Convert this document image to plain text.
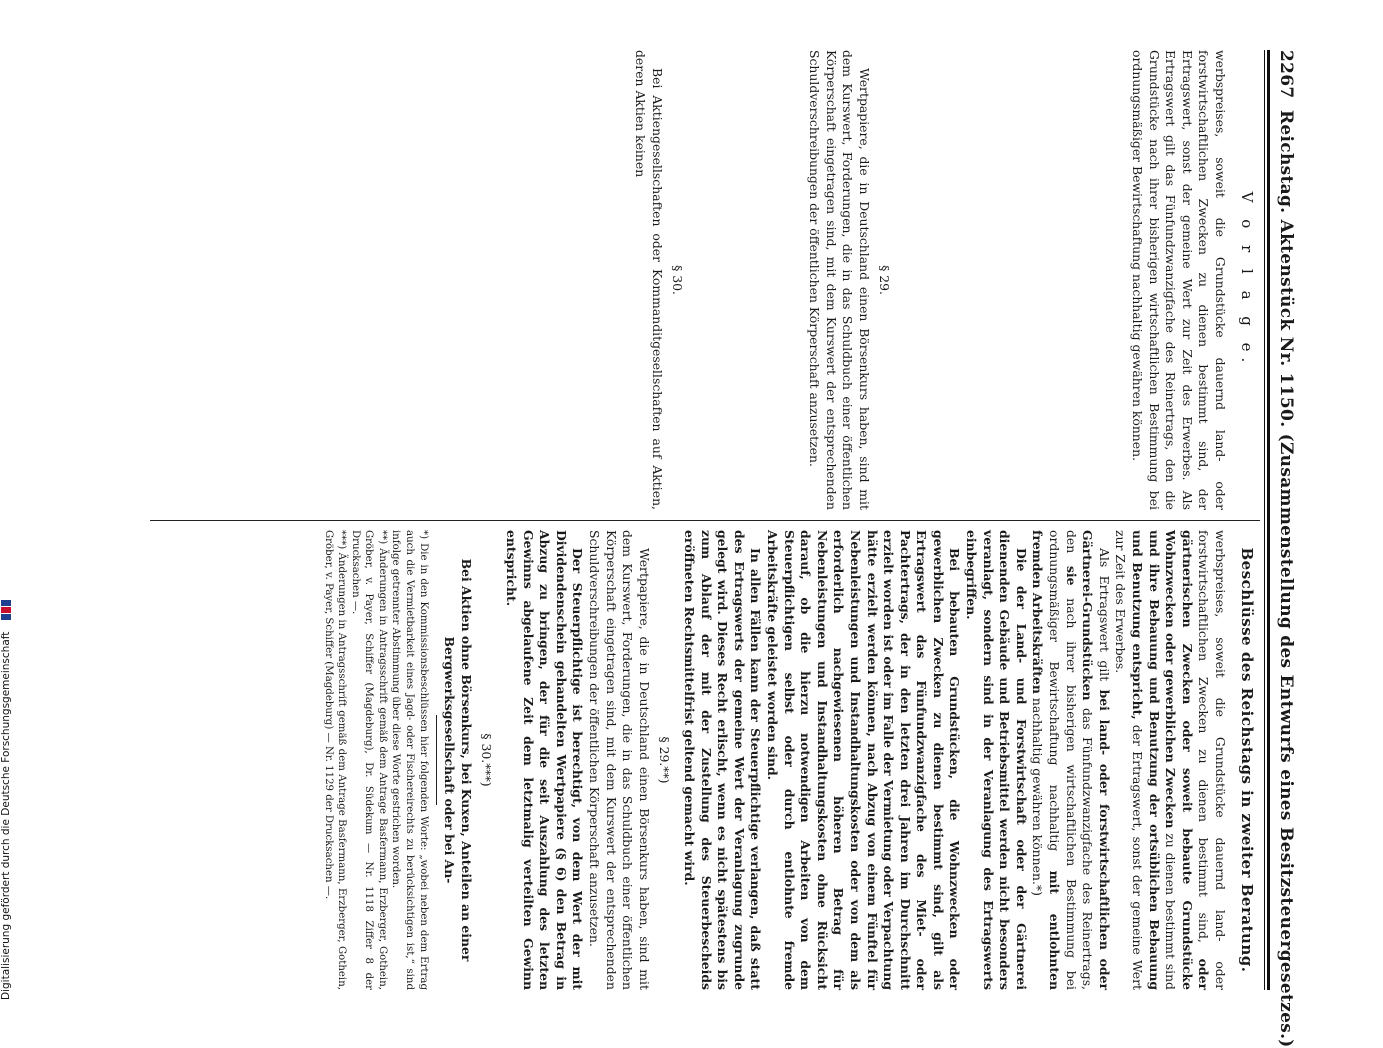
2267
Reichstag. Aktenstück Nr. 1150. (Zusammenstellung des Entwurfs eines Besitzsteuergesetzes.)
V o r l a g e.
Beschlüsse des Reichstags in zweiter Beratung.

werbspreises, soweit die Grundstücke dauernd land- oder forstwirtschaftlichen Zwecken zu dienen bestimmt sind, der Ertragswert, sonst der gemeine Wert zur Zeit des Erwerbes. Als Ertragswert gilt das Fünfundzwanzigfache des Reinertrags, den die Grundstücke nach ihrer bisherigen wirtschaftlichen Bestimmung bei ordnungsmäßiger Bewirtschaftung nachhaltig gewähren können.

§ 29.

Wertpapiere, die in Deutschland einen Börsenkurs haben, sind mit dem Kurswert, Forderungen, die in das Schuldbuch einer öffentlichen Körperschaft eingetragen sind, mit dem Kurswert der entsprechenden Schuldverschreibungen der öffentlichen Körperschaft anzusetzen.

§ 30.

Bei Aktiengesellschaften oder Kommanditgesellschaften auf Aktien, deren Aktien keinen

werbspreises, soweit die Grundstücke dauernd land- oder forstwirtschaftlichen Zwecken zu dienen bestimmt sind, oder gärtnerischen Zwecken oder soweit bebaute Grundstücke Wohnzwecken oder gewerblichen Zwecken zu dienen bestimmt sind und ihre Bebauung und Benutzung der ortsüblichen Bebauung und Benutzung entspricht, der Ertragswert, sonst der gemeine Wert zur Zeit des Erwerbes.

Als Ertragswert gilt bei land- oder forstwirtschaftlichen oder Gärtnerei-Grundstücken das Fünfundzwanzigfache des Reinertrags, den sie nach ihrer bisherigen wirtschaftlichen Bestimmung bei ordnungsmäßiger Bewirtschaftung nachhaltig mit entlohnten fremden Arbeitskräften nachhaltig gewähren können.*)

Die der Land- und Forstwirtschaft oder der Gärtnerei dienenden Gebäude und Betriebsmittel werden nicht besonders veranlagt, sondern sind in der Veranlagung des Ertragswerts einbegriffen.

Bei bebauten Grundstücken, die Wohnzwecken oder gewerblichen Zwecken zu dienen bestimmt sind, gilt als Ertragswert das Fünfundzwanzigfache des Miet- oder Pachtertrags, der in den letzten drei Jahren im Durchschnitt erzielt worden ist oder im Falle der Vermietung oder Verpachtung hätte erzielt werden können, nach Abzug von einem Fünftel für Nebenleistungen und Instandhaltungskosten oder von dem als erforderlich nachgewiesenen höheren Betrag für Nebenleistungen und Instandhaltungskosten ohne Rücksicht darauf, ob die hierzu notwendigen Arbeiten von dem Steuerpflichtigen selbst oder durch entlohnte fremde Arbeitskräfte geleistet worden sind.

In allen Fällen kann der Steuerpflichtige verlangen, daß statt des Ertragswerts der gemeine Wert der Veranlagung zugrunde gelegt wird. Dieses Recht erlischt, wenn es nicht spätestens bis zum Ablauf der mit der Zustellung des Steuerbescheids eröffneten Rechtsmittelfrist geltend gemacht wird.

§ 29.**)

Wertpapiere, die in Deutschland einen Börsenkurs haben, sind mit dem Kurswert, Forderungen, die in das Schuldbuch einer öffentlichen Körperschaft eingetragen sind, mit dem Kurswert der entsprechenden Schuldverschreibungen der öffentlichen Körperschaft anzusetzen.

Der Steuerpflichtige ist berechtigt, von dem Wert der mit Dividendenschein gehandelten Wertpapiere (§ 6) den Betrag in Abzug zu bringen, der für die seit Auszahlung des letzten Gewinns abgelaufene Zeit dem letztmalig verteilten Gewinn entspricht.

§ 30.***)

Bei Aktien ohne Börsenkurs, bei Kuxen, Anteilen an einer Bergwerksgesellschaft oder bei An-

*) Die in den Kommissionsbeschlüssen hier folgenden Worte: „wobei neben dem Ertrag auch die Vermietbarkeit eines Jagd- oder Fischereirechts zu berücksichtigen ist,“ sind infolge getrennter Abstimmung über diese Worte gestrichen worden.

**) Änderungen in Antragsschrift gemäß dem Antrage Basfermann, Erzberger, Gothein, Gröber, v. Payer, Schiffer (Magdeburg), Dr. Südekum — Nr. 1118 Ziffer 8 der Drucksachen —.

***) Änderungen in Antragsschrift gemäß dem Antrage Basfermann, Erzberger, Gothein, Gröber, v. Payer, Schiffer (Magdeburg) — Nr. 1129 der Drucksachen —.

Digitalisierung gefördert durch die Deutsche Forschungsgemeinschaft
